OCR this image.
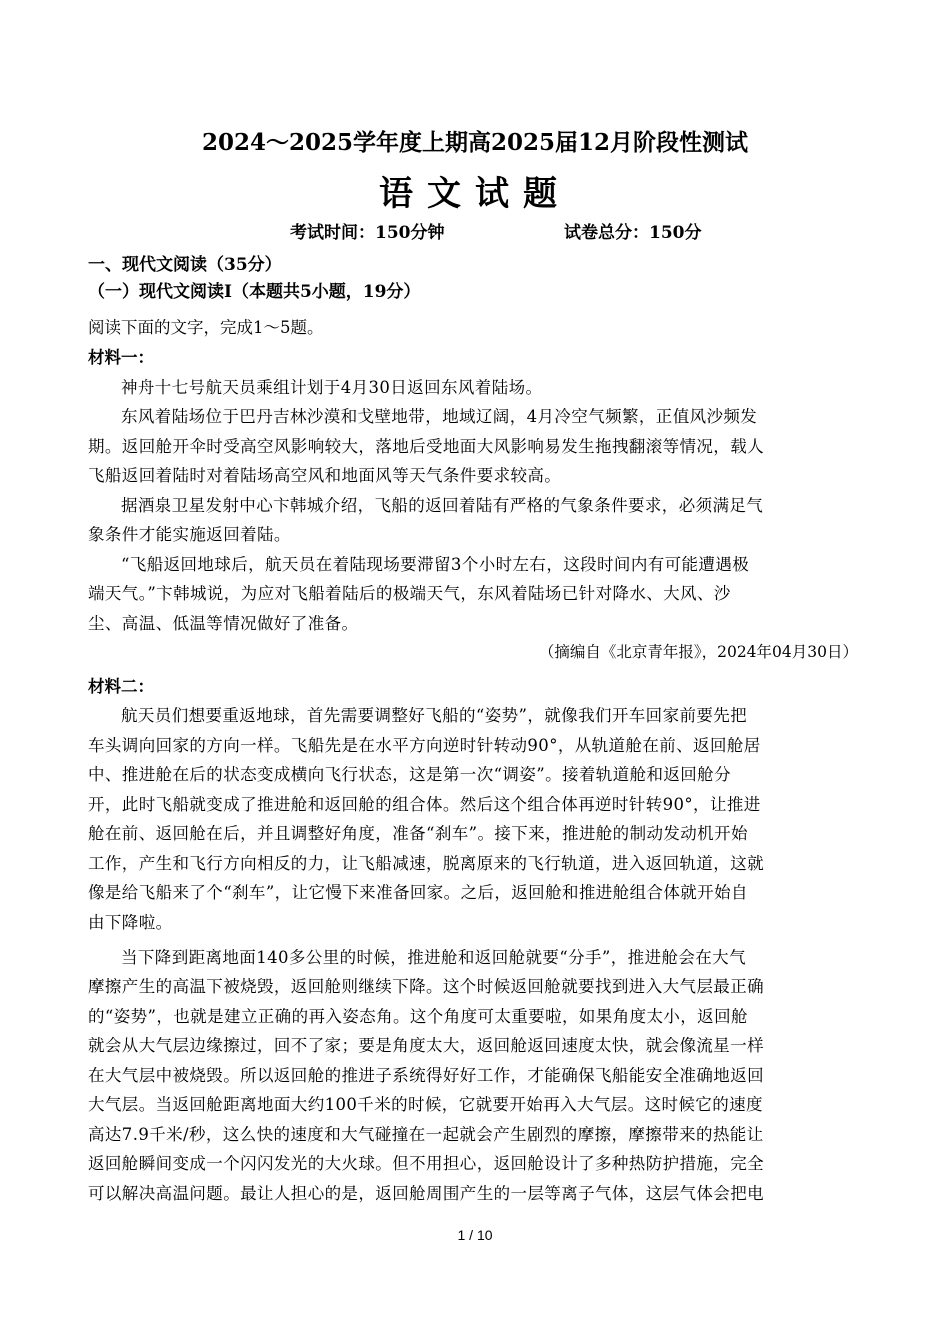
2024～2025学年度上期高2025届12月阶段性测试
语文试题
考试时间：150分钟	试卷总分：150分
一、现代文阅读（35分）
（一）现代文阅读Ⅰ（本题共5小题，19分）
阅读下面的文字，完成1～5题。
材料一：
神舟十七号航天员乘组计划于4月30日返回东风着陆场。
东风着陆场位于巴丹吉林沙漠和戈壁地带，地域辽阔，4月冷空气频繁，正值风沙频发
期。返回舱开伞时受高空风影响较大，落地后受地面大风影响易发生拖拽翻滚等情况，载人
飞船返回着陆时对着陆场高空风和地面风等天气条件要求较高。
据酒泉卫星发射中心卞韩城介绍，飞船的返回着陆有严格的气象条件要求，必须满足气
象条件才能实施返回着陆。
“飞船返回地球后，航天员在着陆现场要滞留3个小时左右，这段时间内有可能遭遇极
端天气。”卞韩城说，为应对飞船着陆后的极端天气，东风着陆场已针对降水、大风、沙
尘、高温、低温等情况做好了准备。
（摘编自《北京青年报》，2024年04月30日）
材料二：
航天员们想要重返地球，首先需要调整好飞船的“姿势”，就像我们开车回家前要先把
车头调向回家的方向一样。飞船先是在水平方向逆时针转动90°，从轨道舱在前、返回舱居
中、推进舱在后的状态变成横向飞行状态，这是第一次“调姿”。接着轨道舱和返回舱分
开，此时飞船就变成了推进舱和返回舱的组合体。然后这个组合体再逆时针转90°，让推进
舱在前、返回舱在后，并且调整好角度，准备“刹车”。接下来，推进舱的制动发动机开始
工作，产生和飞行方向相反的力，让飞船减速，脱离原来的飞行轨道，进入返回轨道，这就
像是给飞船来了个“刹车”，让它慢下来准备回家。之后，返回舱和推进舱组合体就开始自
由下降啦。
当下降到距离地面140多公里的时候，推进舱和返回舱就要“分手”，推进舱会在大气
摩擦产生的高温下被烧毁，返回舱则继续下降。这个时候返回舱就要找到进入大气层最正确
的“姿势”，也就是建立正确的再入姿态角。这个角度可太重要啦，如果角度太小，返回舱
就会从大气层边缘擦过，回不了家；要是角度太大，返回舱返回速度太快，就会像流星一样
在大气层中被烧毁。所以返回舱的推进子系统得好好工作，才能确保飞船能安全准确地返回
大气层。当返回舱距离地面大约100千米的时候，它就要开始再入大气层。这时候它的速度
高达7.9千米/秒，这么快的速度和大气碰撞在一起就会产生剧烈的摩擦，摩擦带来的热能让
返回舱瞬间变成一个闪闪发光的大火球。但不用担心，返回舱设计了多种热防护措施，完全
可以解决高温问题。最让人担心的是，返回舱周围产生的一层等离子气体，这层气体会把电
1 / 10
